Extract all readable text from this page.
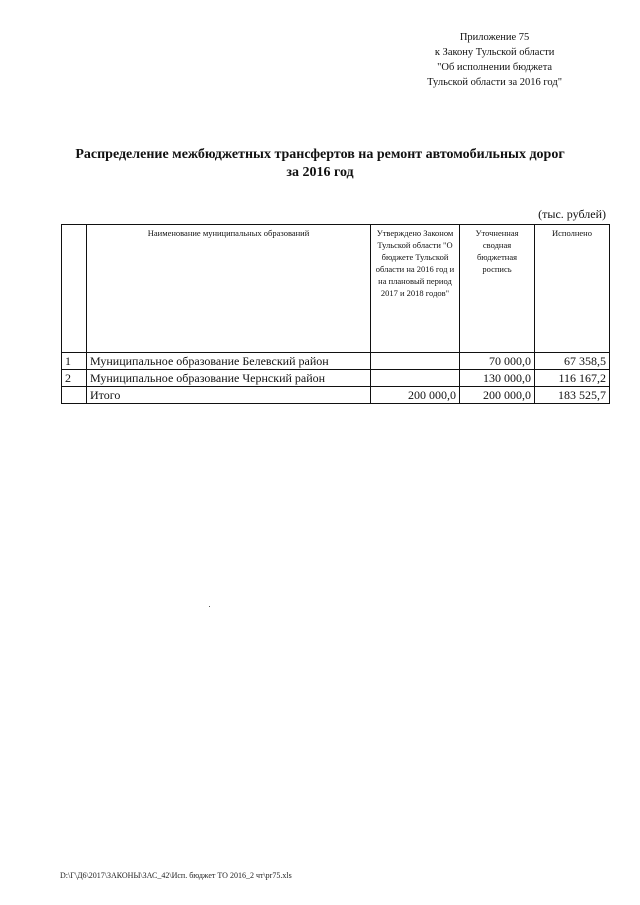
Приложение 75
к Закону Тульской области
"Об исполнении бюджета
Тульской области за 2016 год"
Распределение межбюджетных трансфертов на ремонт автомобильных дорог
за 2016 год
(тыс. рублей)
	Наименование муниципальных образований	Утверждено Законом Тульской области "О бюджете Тульской области на 2016 год и на плановый период 2017 и 2018 годов"	Уточненная сводная бюджетная роспись	Исполнено
1	Муниципальное образование Белевский район		70 000,0	67 358,5
2	Муниципальное образование Чернский район		130 000,0	116 167,2
	Итого	200 000,0	200 000,0	183 525,7
D:\Г\Д6\2017\ЗАКОНЫ\ЗАС_42\Исп. бюджет ТО 2016_2 чт\pr75.xls
